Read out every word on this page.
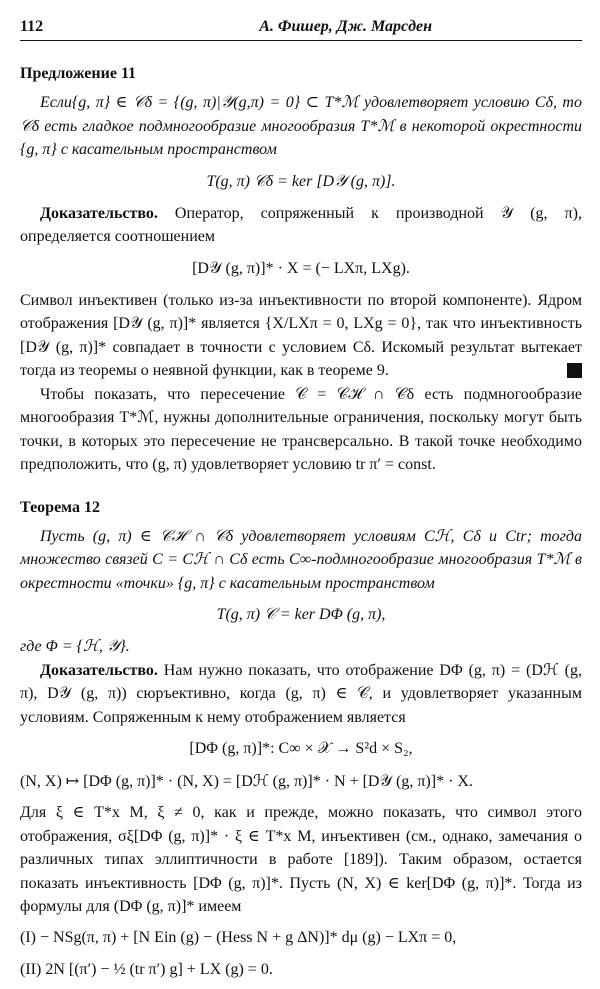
112	А. Фишер, Дж. Марсден
Предложение 11

Если{g, π} ∈ 𝒞δ = {(g, π)|𝒴(g,π) = 0} ⊂ T*ℳ удовлетворяет условию Cδ, то 𝒞δ есть гладкое подмногообразие многообразия T*ℳ в некоторой окрестности {g, π} с касательным пространством

T(g, π) 𝒞δ = ker [D𝒴 (g, π)].

Доказательство. Оператор, сопряженный к производной 𝒴 (g, π), определяется соотношением

[D𝒴 (g, π)]* · X = (− LXπ, LXg).

Символ инъективен (только из-за инъективности по второй компоненте). Ядром отображения [D𝒴 (g, π)]* является {X/LXπ = 0, LXg = 0}, так что инъективность [D𝒴 (g, π)]* совпадает в точности с условием Cδ. Искомый результат вытекает тогда из теоремы о неявной функции, как в теореме 9.

Чтобы показать, что пересечение 𝒞 = 𝒞ℋ ∩ 𝒞δ есть подмногообразие многообразия T*ℳ, нужны дополнительные ограничения, поскольку могут быть точки, в которых это пересечение не трансверсально. В такой точке необходимо предположить, что (g, π) удовлетворяет условию tr π′ = const.

Теорема 12

Пусть (g, π) ∈ 𝒞ℋ ∩ 𝒞δ удовлетворяет условиям Cℋ, Cδ и Ctr; тогда множество связей C = Cℋ ∩ Cδ есть C∞-подмногообразие многообразия T*ℳ в окрестности «точки» {g, π} с касательным пространством

T(g, π) 𝒞 = ker DΦ (g, π),

где Φ = {ℋ, 𝒴}.

Доказательство. Нам нужно показать, что отображение DΦ (g, π) = (Dℋ (g, π), D𝒴 (g, π)) сюръективно, когда (g, π) ∈ 𝒞, и удовлетворяет указанным условиям. Сопряженным к нему отображением является

[DΦ (g, π)]*: C∞ × 𝒳 → S²d × S₂,
(N, X) ↦ [DΦ (g, π)]* · (N, X) = [Dℋ (g, π)]* · N + [D𝒴 (g, π)]* · X.

Для ξ ∈ T*x M, ξ ≠ 0, как и прежде, можно показать, что символ этого отображения, σξ[DΦ (g, π)]* · ξ ∈ T*x M, инъективен (см., однако, замечания о различных типах эллиптичности в работе [189]). Таким образом, остается показать инъективность [DΦ (g, π)]*. Пусть (N, X) ∈ ker[DΦ (g, π)]*. Тогда из формулы для (DΦ (g, π)]* имеем

(I) − NSg(π, π) + [N Ein (g) − (Hess N + g ΔN)]* dμ (g) − LXπ = 0,
(II) 2N [(π′) − ½ (tr π′) g] + LX (g) = 0.
